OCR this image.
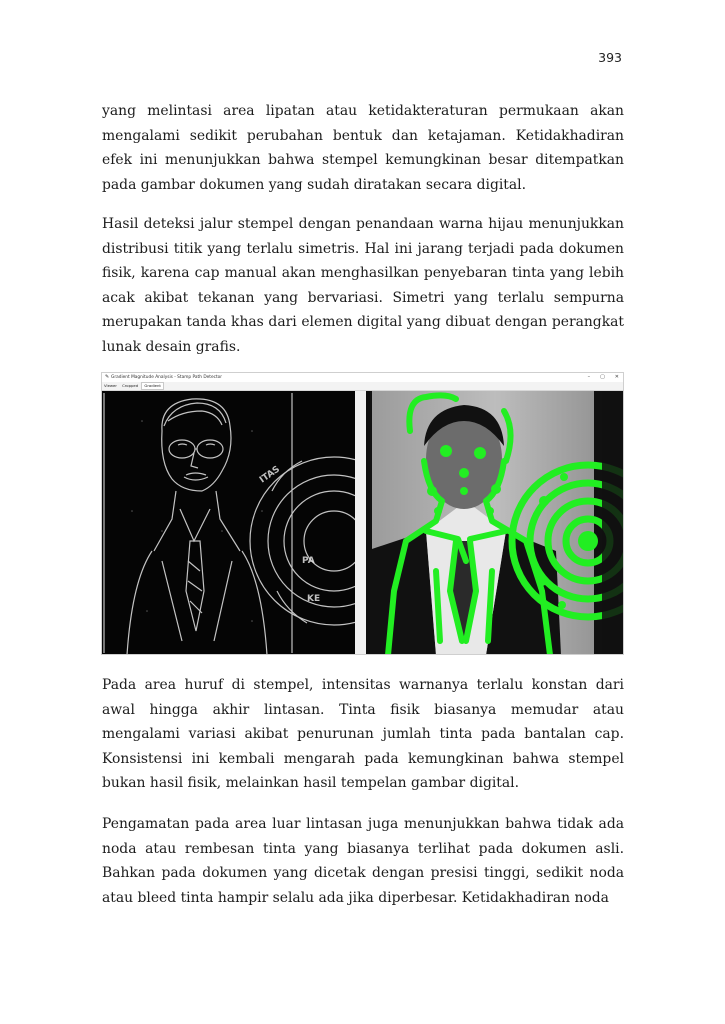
393

yang melintasi area lipatan atau ketidakteraturan permukaan akan mengalami sedikit perubahan bentuk dan ketajaman. Ketidakhadiran efek ini menunjukkan bahwa stempel kemungkinan besar ditempatkan pada gambar dokumen yang sudah diratakan secara digital.

Hasil deteksi jalur stempel dengan penandaan warna hijau menunjukkan distribusi titik yang terlalu simetris. Hal ini jarang terjadi pada dokumen fisik, karena cap manual akan menghasilkan penyebaran tinta yang lebih acak akibat tekanan yang bervariasi. Simetri yang terlalu sempurna merupakan tanda khas dari elemen digital yang dibuat dengan perangkat lunak desain grafis.

✎ Gradient Magnitude Analysis - Stamp Path Detector	– ▢ ✕
Viewer Cropped Gradient
ITAS
PA
KE

Pada area huruf di stempel, intensitas warnanya terlalu konstan dari awal hingga akhir lintasan. Tinta fisik biasanya memudar atau mengalami variasi akibat penurunan jumlah tinta pada bantalan cap. Konsistensi ini kembali mengarah pada kemungkinan bahwa stempel bukan hasil fisik, melainkan hasil tempelan gambar digital.

Pengamatan pada area luar lintasan juga menunjukkan bahwa tidak ada noda atau rembesan tinta yang biasanya terlihat pada dokumen asli. Bahkan pada dokumen yang dicetak dengan presisi tinggi, sedikit noda atau bleed tinta hampir selalu ada jika diperbesar. Ketidakhadiran noda
